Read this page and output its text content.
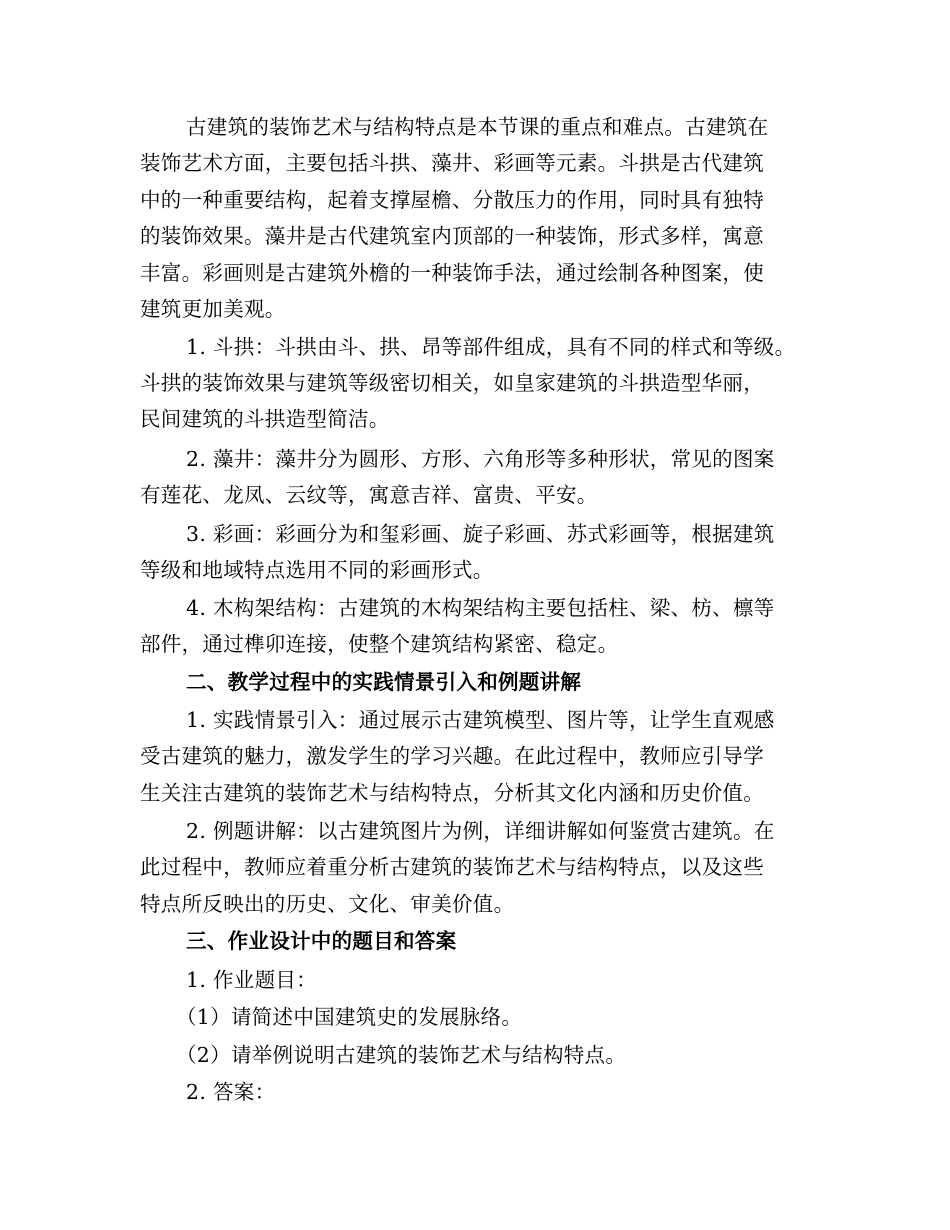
古建筑的装饰艺术与结构特点是本节课的重点和难点。古建筑在
装饰艺术方面，主要包括斗拱、藻井、彩画等元素。斗拱是古代建筑
中的一种重要结构，起着支撑屋檐、分散压力的作用，同时具有独特
的装饰效果。藻井是古代建筑室内顶部的一种装饰，形式多样，寓意
丰富。彩画则是古建筑外檐的一种装饰手法，通过绘制各种图案，使
建筑更加美观。
1. 斗拱：斗拱由斗、拱、昂等部件组成，具有不同的样式和等级。
斗拱的装饰效果与建筑等级密切相关，如皇家建筑的斗拱造型华丽，
民间建筑的斗拱造型简洁。
2. 藻井：藻井分为圆形、方形、六角形等多种形状，常见的图案
有莲花、龙凤、云纹等，寓意吉祥、富贵、平安。
3. 彩画：彩画分为和玺彩画、旋子彩画、苏式彩画等，根据建筑
等级和地域特点选用不同的彩画形式。
4. 木构架结构：古建筑的木构架结构主要包括柱、梁、枋、檩等
部件，通过榫卯连接，使整个建筑结构紧密、稳定。
二、教学过程中的实践情景引入和例题讲解
1. 实践情景引入：通过展示古建筑模型、图片等，让学生直观感
受古建筑的魅力，激发学生的学习兴趣。在此过程中，教师应引导学
生关注古建筑的装饰艺术与结构特点，分析其文化内涵和历史价值。
2. 例题讲解：以古建筑图片为例，详细讲解如何鉴赏古建筑。在
此过程中，教师应着重分析古建筑的装饰艺术与结构特点，以及这些
特点所反映出的历史、文化、审美价值。
三、作业设计中的题目和答案
1. 作业题目：
（1）请简述中国建筑史的发展脉络。
（2）请举例说明古建筑的装饰艺术与结构特点。
2. 答案：
